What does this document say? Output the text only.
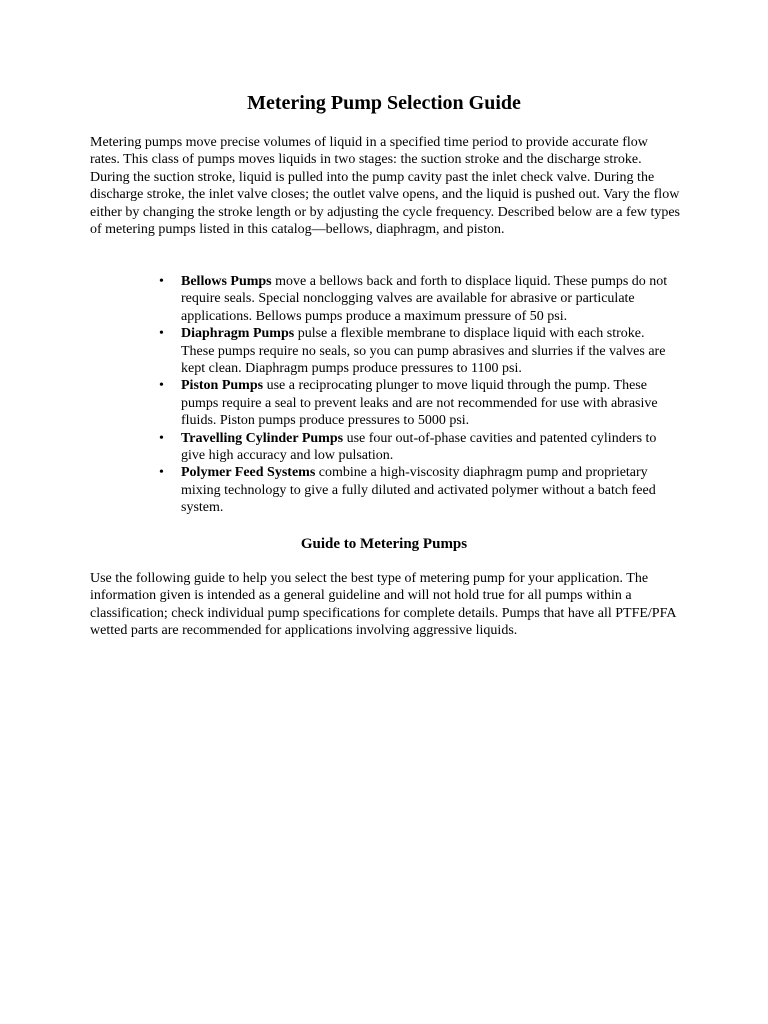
Metering Pump Selection Guide

Metering pumps move precise volumes of liquid in a specified time period to provide accurate flow rates. This class of pumps moves liquids in two stages: the suction stroke and the discharge stroke. During the suction stroke, liquid is pulled into the pump cavity past the inlet check valve. During the discharge stroke, the inlet valve closes; the outlet valve opens, and the liquid is pushed out. Vary the flow either by changing the stroke length or by adjusting the cycle frequency. Described below are a few types of metering pumps listed in this catalog—bellows, diaphragm, and piston.

• Bellows Pumps move a bellows back and forth to displace liquid. These pumps do not require seals. Special nonclogging valves are available for abrasive or particulate applications. Bellows pumps produce a maximum pressure of 50 psi.
• Diaphragm Pumps pulse a flexible membrane to displace liquid with each stroke. These pumps require no seals, so you can pump abrasives and slurries if the valves are kept clean. Diaphragm pumps produce pressures to 1100 psi.
• Piston Pumps use a reciprocating plunger to move liquid through the pump. These pumps require a seal to prevent leaks and are not recommended for use with abrasive fluids. Piston pumps produce pressures to 5000 psi.
• Travelling Cylinder Pumps use four out-of-phase cavities and patented cylinders to give high accuracy and low pulsation.
• Polymer Feed Systems combine a high-viscosity diaphragm pump and proprietary mixing technology to give a fully diluted and activated polymer without a batch feed system.
Guide to Metering Pumps

Use the following guide to help you select the best type of metering pump for your application. The information given is intended as a general guideline and will not hold true for all pumps within a classification; check individual pump specifications for complete details. Pumps that have all PTFE/PFA wetted parts are recommended for applications involving aggressive liquids.
